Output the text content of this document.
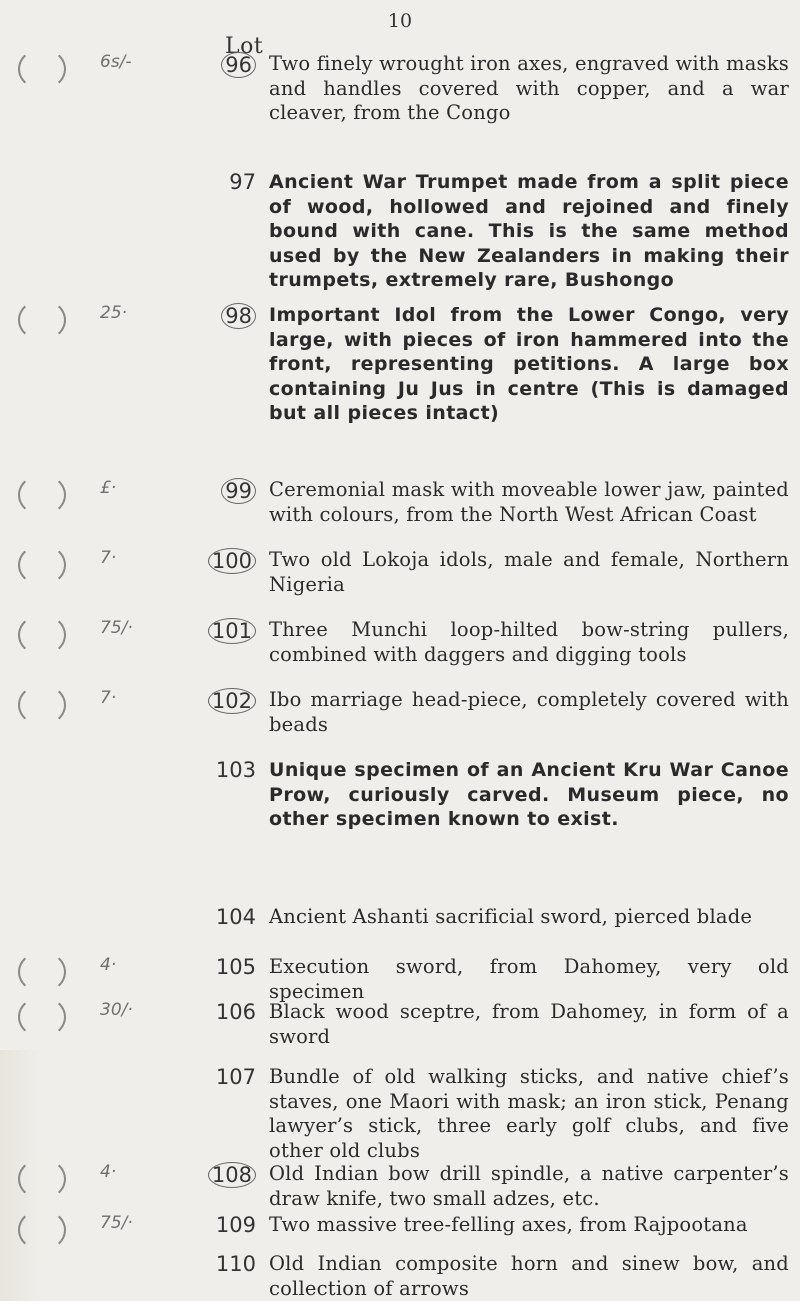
10
Lot
6s/-	96 Two finely wrought iron axes, engraved with masks and handles covered with copper, and a war cleaver, from the Congo
97 Ancient War Trumpet made from a split piece of wood, hollowed and rejoined and finely bound with cane. This is the same method used by the New Zealanders in making their trumpets, extremely rare, Bushongo
25·	98 Important Idol from the Lower Congo, very large, with pieces of iron hammered into the front, representing petitions. A large box containing Ju Jus in centre (This is damaged but all pieces intact)
£·	99 Ceremonial mask with moveable lower jaw, painted with colours, from the North West African Coast
7·	100 Two old Lokoja idols, male and female, Northern Nigeria
75/·	101 Three Munchi loop-hilted bow-string pullers, combined with daggers and digging tools
7·	102 Ibo marriage head-piece, completely covered with beads
103 Unique specimen of an Ancient Kru War Canoe Prow, curiously carved. Museum piece, no other specimen known to exist.
104 Ancient Ashanti sacrificial sword, pierced blade
4·	105 Execution sword, from Dahomey, very old specimen
30/·	106 Black wood sceptre, from Dahomey, in form of a sword
107 Bundle of old walking sticks, and native chief’s staves, one Maori with mask; an iron stick, Penang lawyer’s stick, three early golf clubs, and five other old clubs
4·	108 Old Indian bow drill spindle, a native carpenter’s draw knife, two small adzes, etc.
75/·	109 Two massive tree-felling axes, from Rajpootana
110 Old Indian composite horn and sinew bow, and collection of arrows
